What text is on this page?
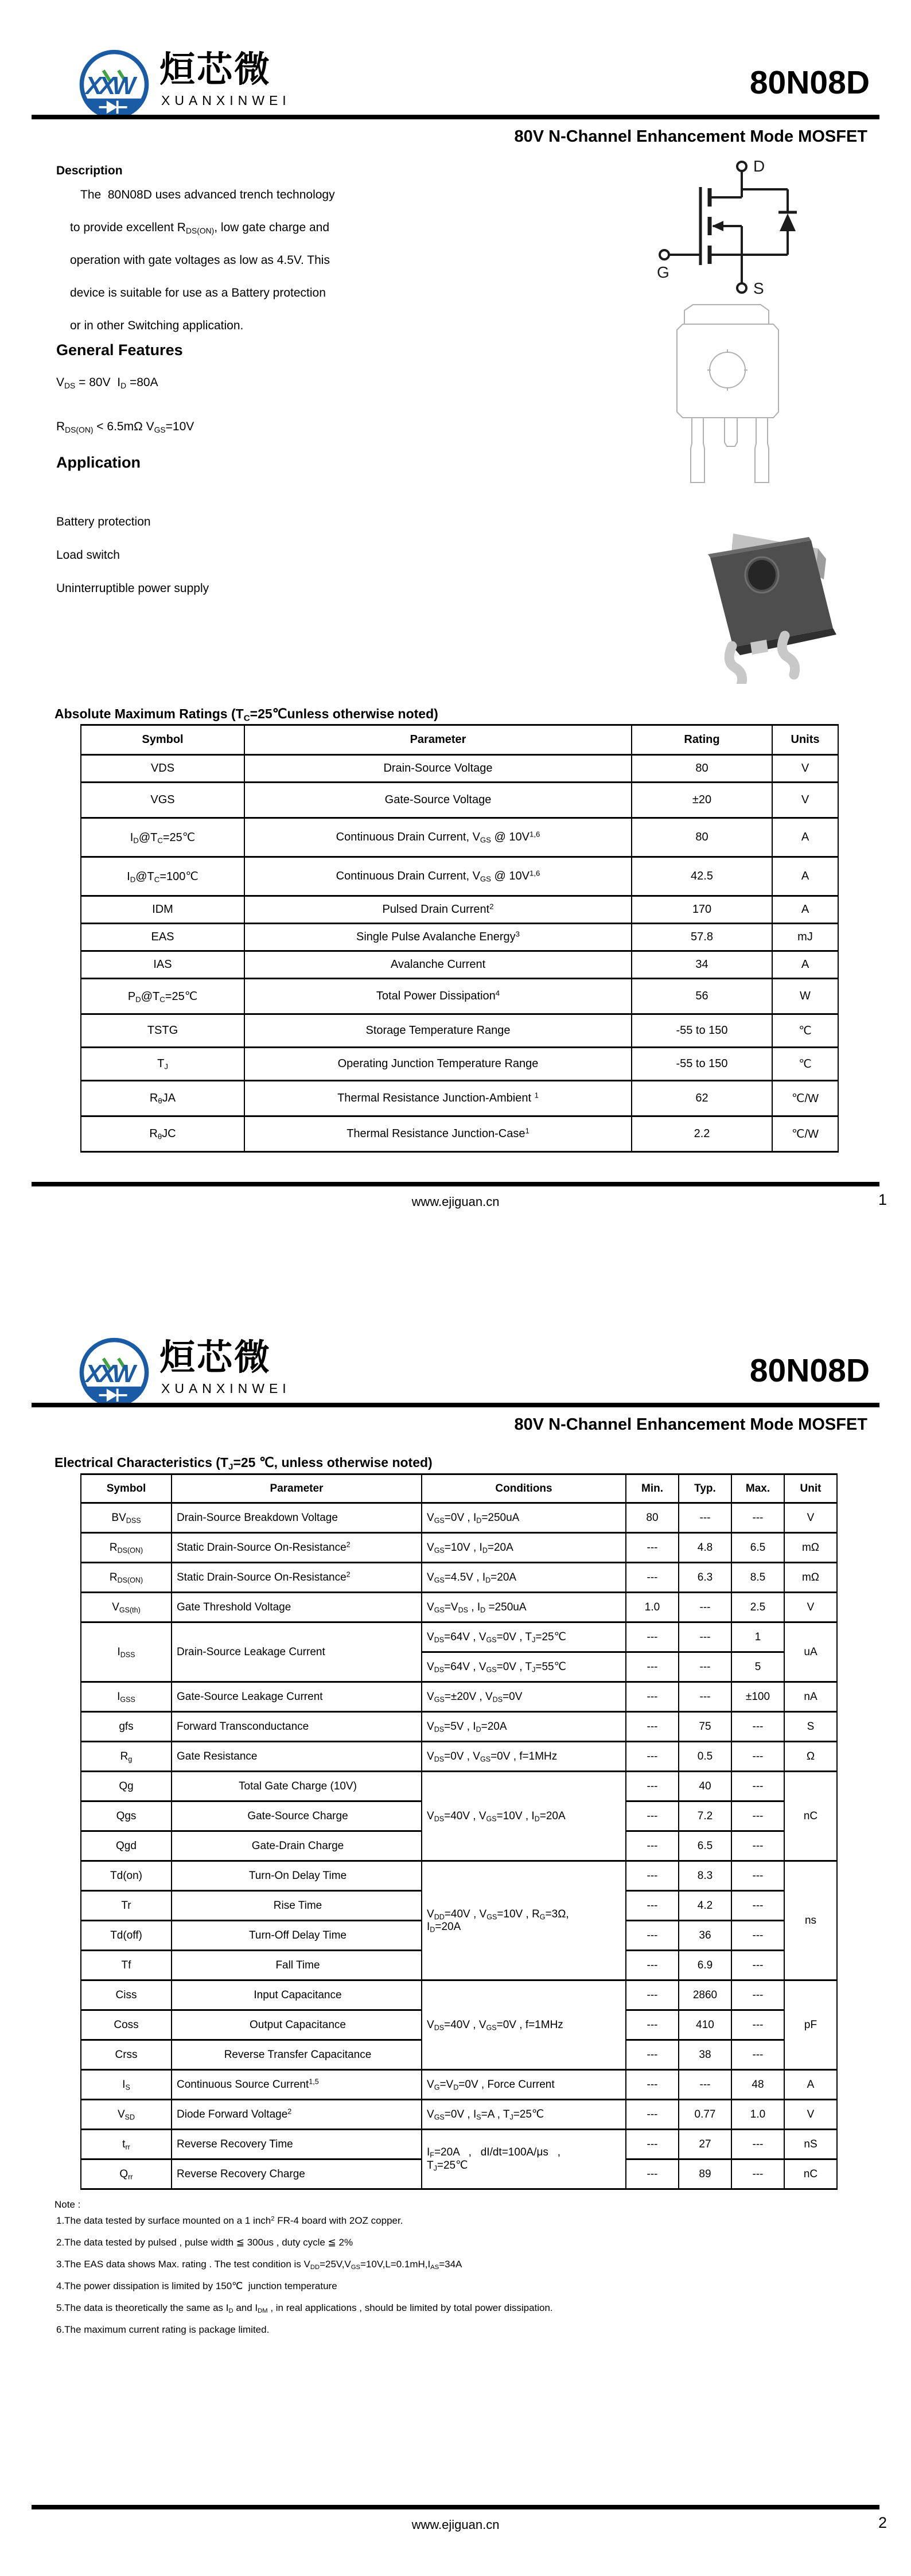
XXW 烜芯微
XUANXINWEI	80N08D
80V N-Channel Enhancement Mode MOSFET
Description
The  80N08D uses advanced trench technology
to provide excellent $R_{DS(ON)}$, low gate charge and
operation with gate voltages as low as 4.5V. This
device is suitable for use as a Battery protection
or in other Switching application.
General Features
$V_{DS} = 80V$  $I_D =80A$
$R_{DS(ON)} < 6.5m\Omega$ $V_{GS}=10V$
Application
Battery protection
Load switch
Uninterruptible power supply
D
G
S
Absolute Maximum Ratings ($T_C=25℃unless$ otherwise noted)
Symbol	Parameter	Rating	Units
VDS	Drain-Source Voltage	80	V
VGS	Gate-Source Voltage	±20	V
$I_D@T_C=25℃$	Continuous Drain Current, $V_{GS}$ @ $10V^{1,6}$	80	A
$I_D@T_C=100℃$	Continuous Drain Current, $V_{GS}$ @ $10V^{1,6}$	42.5	A
IDM	Pulsed Drain Current$^2$	170	A
EAS	Single Pulse Avalanche Energy$^3$	57.8	mJ
IAS	Avalanche Current	34	A
$P_D@T_C=25℃$	Total Power Dissipation$^4$	56	W
TSTG	Storage Temperature Range	-55 to 150	℃
$T_J$	Operating Junction Temperature Range	-55 to 150	℃
$R_\theta JA$	Thermal Resistance Junction-Ambient $^1$	62	℃/W
$R_\theta JC$	Thermal Resistance Junction-Case$^1$	2.2	℃/W
www.ejiguan.cn	1
XXW 烜芯微
XUANXINWEI	80N08D
80V N-Channel Enhancement Mode MOSFET
Electrical Characteristics ($T_J=25$ ℃, unless otherwise noted)
Symbol	Parameter	Conditions	Min.	Typ.	Max.	Unit
$BV_{DSS}$	Drain-Source Breakdown Voltage	$V_{GS}=0V$ , $I_D=250uA$	80	---	---	V
$R_{DS(ON)}$	Static Drain-Source On-Resistance$^2$	$V_{GS}=10V$ , $I_D=20A$	---	4.8	6.5	mΩ
$R_{DS(ON)}$	Static Drain-Source On-Resistance$^2$	$V_{GS}=4.5V$ , $I_D=20A$	---	6.3	8.5	mΩ
$V_{GS(th)}$	Gate Threshold Voltage	$V_{GS}=V_{DS}$ , $I_D =250uA$	1.0	---	2.5	V
$I_{DSS}$	Drain-Source Leakage Current	$V_{DS}=64V$ , $V_{GS}=0V$ , $T_J=25℃$	---	---	1	uA
		$V_{DS}=64V$ , $V_{GS}=0V$ , $T_J=55℃$	---	---	5	
$I_{GSS}$	Gate-Source Leakage Current	$V_{GS}=\pm 20V$ , $V_{DS}=0V$	---	---	±100	nA
gfs	Forward Transconductance	$V_{DS}=5V$ , $I_D=20A$	---	75	---	S
$R_g$	Gate Resistance	$V_{DS}=0V$ , $V_{GS}=0V$ , f=1MHz	---	0.5	---	Ω
Qg	Total Gate Charge (10V)	$V_{DS}=40V$ , $V_{GS}=10V$ , $I_D=20A$	---	40	---	nC
Qgs	Gate-Source Charge		---	7.2	---	
Qgd	Gate-Drain Charge		---	6.5	---	
Td(on)	Turn-On Delay Time	$V_{DD}=40V$ , $V_{GS}=10V$ , $R_G=3\Omega$,
$I_D=20A$	---	8.3	---	ns
Tr	Rise Time		---	4.2	---	
Td(off)	Turn-Off Delay Time		---	36	---	
Tf	Fall Time		---	6.9	---	
Ciss	Input Capacitance	$V_{DS}=40V$ , $V_{GS}=0V$ , f=1MHz	---	2860	---	pF
Coss	Output Capacitance		---	410	---	
Crss	Reverse Transfer Capacitance		---	38	---	
$I_S$	Continuous Source Current$^{1,5}$	$V_G=V_D=0V$ , Force Current	---	---	48	A
$V_{SD}$	Diode Forward Voltage$^2$	$V_{GS}=0V$ , $I_S=A$ , $T_J=25℃$	---	0.77	1.0	V
$t_{rr}$	Reverse Recovery Time	$I_F=20A$   ,   dI/dt=100A/μs   ,
$T_J=25℃$	---	27	---	nS
$Q_{rr}$	Reverse Recovery Charge		---	89	---	nC
Note :
1.The data tested by surface mounted on a 1 inch$^2$ FR-4 board with 2OZ copper.
2.The data tested by pulsed , pulse width ≦ 300us , duty cycle ≦ 2%
3.The EAS data shows Max. rating . The test condition is $V_{DD}=25V,V_{GS}=10V,L=0.1mH,I_{AS}=34A$
4.The power dissipation is limited by 150℃  junction temperature
5.The data is theoretically the same as $I_D$ and $I_{DM}$ , in real applications , should be limited by total power dissipation.
6.The maximum current rating is package limited.
www.ejiguan.cn	2
